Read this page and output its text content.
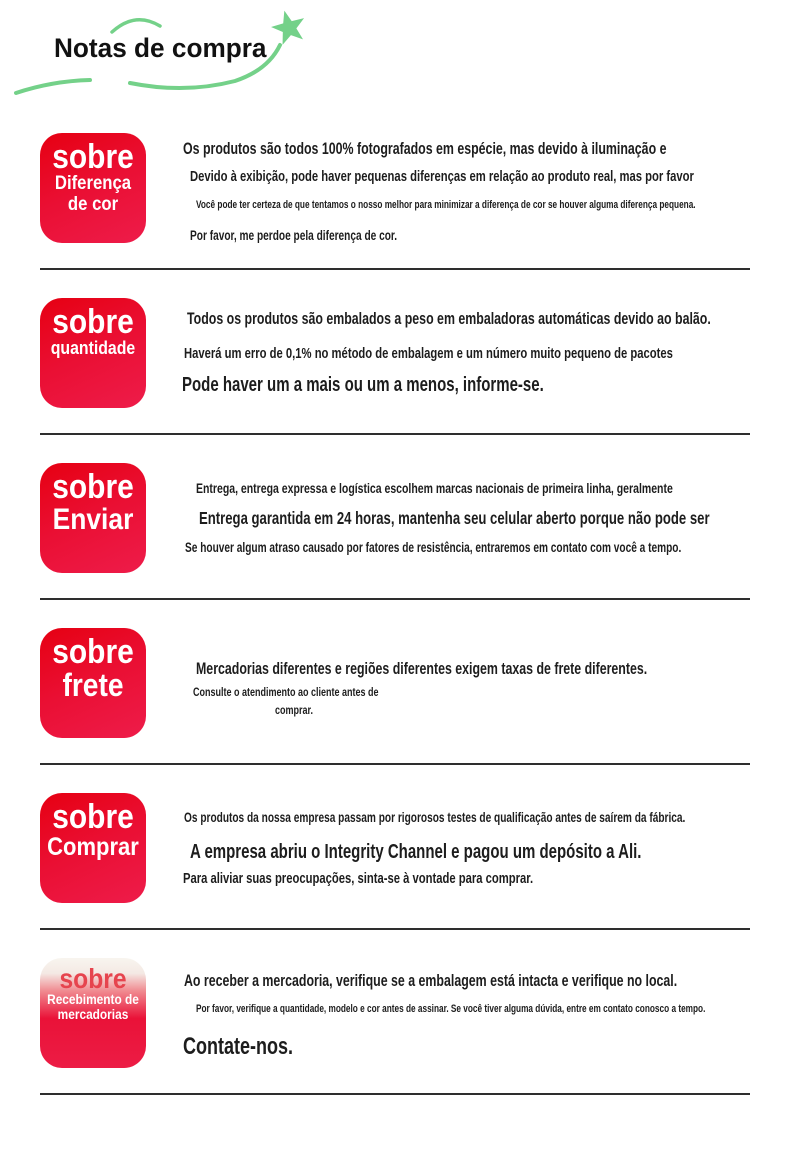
Notas de compra
sobre
Diferença
de cor
Os produtos são todos 100% fotografados em espécie, mas devido à iluminação e
Devido à exibição, pode haver pequenas diferenças em relação ao produto real, mas por favor
Você pode ter certeza de que tentamos o nosso melhor para minimizar a diferença de cor se houver alguma diferença pequena.
Por favor, me perdoe pela diferença de cor.
sobre
quantidade
Todos os produtos são embalados a peso em embaladoras automáticas devido ao balão.
Haverá um erro de 0,1% no método de embalagem e um número muito pequeno de pacotes
Pode haver um a mais ou um a menos, informe-se.
sobre
Enviar
Entrega, entrega expressa e logística escolhem marcas nacionais de primeira linha, geralmente
Entrega garantida em 24 horas, mantenha seu celular aberto porque não pode ser
Se houver algum atraso causado por fatores de resistência, entraremos em contato com você a tempo.
sobre
frete	Mercadorias diferentes e regiões diferentes exigem taxas de frete diferentes.
Consulte o atendimento ao cliente antes de
comprar.
sobre
Comprar
Os produtos da nossa empresa passam por rigorosos testes de qualificação antes de saírem da fábrica.
A empresa abriu o Integrity Channel e pagou um depósito a Ali.
Para aliviar suas preocupações, sinta-se à vontade para comprar.
sobre
Recebimento de
mercadorias
Ao receber a mercadoria, verifique se a embalagem está intacta e verifique no local.
Por favor, verifique a quantidade, modelo e cor antes de assinar. Se você tiver alguma dúvida, entre em contato conosco a tempo.
Contate-nos.
